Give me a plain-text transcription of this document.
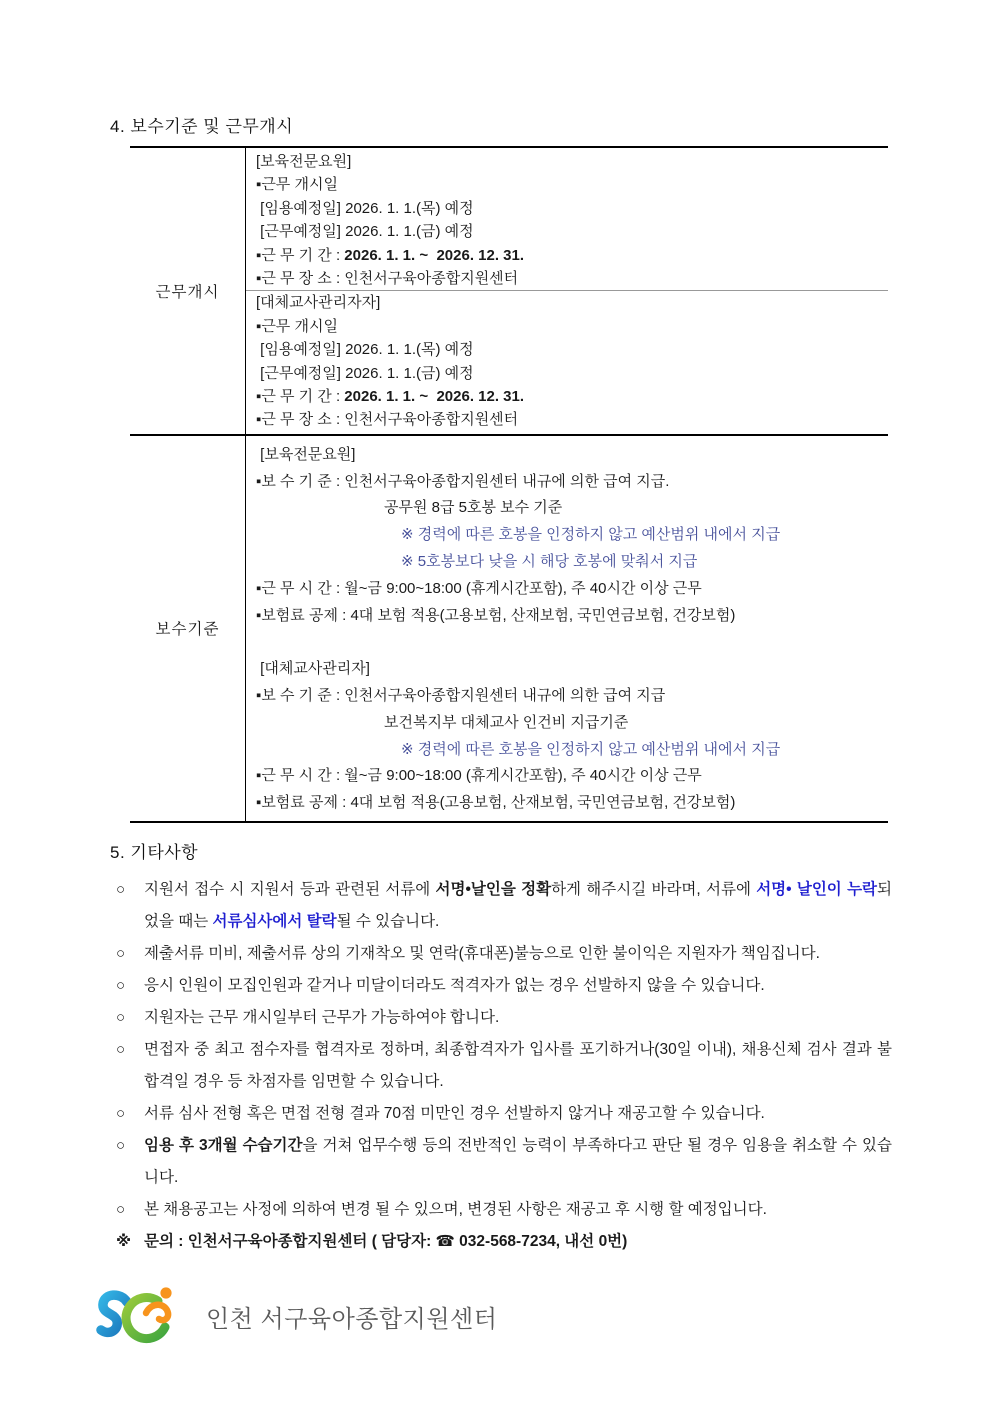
4. 보수기준 및 근무개시
근무개시
[보육전문요원]
▪근무 개시일
[임용예정일] 2026. 1. 1.(목) 예정
[근무예정일] 2026. 1. 1.(금) 예정
▪근 무 기 간 : 2026. 1. 1. ~  2026. 12. 31.
▪근 무 장 소 : 인천서구육아종합지원센터
[대체교사관리자자]
▪근무 개시일
[임용예정일] 2026. 1. 1.(목) 예정
[근무예정일] 2026. 1. 1.(금) 예정
▪근 무 기 간 : 2026. 1. 1. ~  2026. 12. 31.
▪근 무 장 소 : 인천서구육아종합지원센터
보수기준
[보육전문요원]
▪보 수 기 준 : 인천서구육아종합지원센터 내규에 의한 급여 지급.
공무원 8급 5호봉 보수 기준
※ 경력에 따른 호봉을 인정하지 않고 예산범위 내에서 지급
※ 5호봉보다 낮을 시 해당 호봉에 맞춰서 지급
▪근 무 시 간 : 월~금 9:00~18:00 (휴게시간포함), 주 40시간 이상 근무
▪보험료 공제 : 4대 보험 적용(고용보험, 산재보험, 국민연금보험, 건강보험)
[대체교사관리자]
▪보 수 기 준 : 인천서구육아종합지원센터 내규에 의한 급여 지급
보건복지부 대체교사 인건비 지급기준
※ 경력에 따른 호봉을 인정하지 않고 예산범위 내에서 지급
▪근 무 시 간 : 월~금 9:00~18:00 (휴게시간포함), 주 40시간 이상 근무
▪보험료 공제 : 4대 보험 적용(고용보험, 산재보험, 국민연금보험, 건강보험)
5. 기타사항
○	지원서 접수 시 지원서 등과 관련된 서류에 서명•날인을 정확하게 해주시길 바라며, 서류에 서명• 날인이 누락되었을 때는 서류심사에서 탈락될 수 있습니다.
○	제출서류 미비, 제출서류 상의 기재착오 및 연락(휴대폰)불능으로 인한 불이익은 지원자가 책임집니다.
○	응시 인원이 모집인원과 같거나 미달이더라도 적격자가 없는 경우 선발하지 않을 수 있습니다.
○	지원자는 근무 개시일부터 근무가 가능하여야 합니다.
○	면접자 중 최고 점수자를 협격자로 정하며, 최종합격자가 입사를 포기하거나(30일 이내), 채용신체 검사 결과 불합격일 경우 등 차점자를 임면할 수 있습니다.
○	서류 심사 전형 혹은 면접 전형 결과 70점 미만인 경우 선발하지 않거나 재공고할 수 있습니다.
○	임용 후 3개월 수습기간을 거쳐 업무수행 등의 전반적인 능력이 부족하다고 판단 될 경우 임용을 취소할 수 있습니다.
○	본 채용공고는 사정에 의하여 변경 될 수 있으며, 변경된 사항은 재공고 후 시행 할 예정입니다.
※ 문의 : 인천서구육아종합지원센터 ( 담당자: ☎ 032-568-7234, 내선 0번)
인천 서구육아종합지원센터
